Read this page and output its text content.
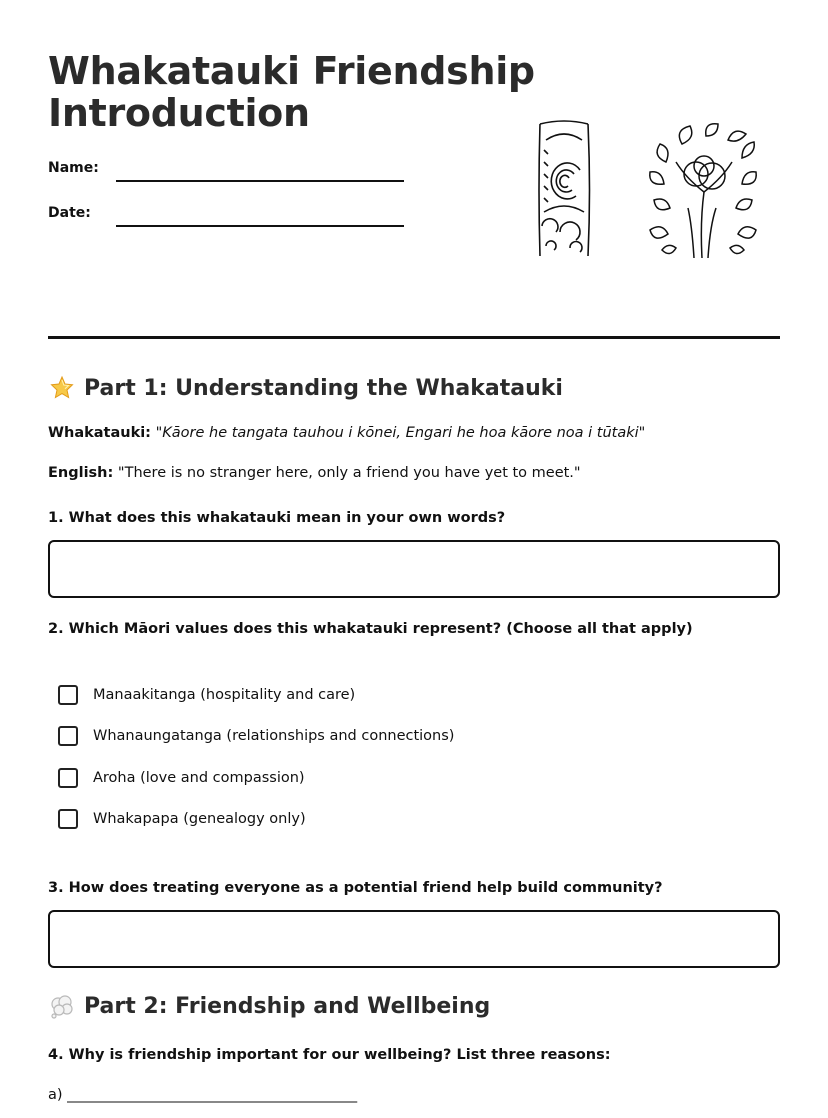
Whakatauki Friendship
Introduction
Name:
Date:
Part 1: Understanding the Whakatauki
Whakatauki: "Kāore he tangata tauhou i kōnei, Engari he hoa kāore noa i tūtaki"
English: "There is no stranger here, only a friend you have yet to meet."

1. What does this whakatauki mean in your own words?

2. Which Māori values does this whakatauki represent? (Choose all that apply)

Manaakitanga (hospitality and care)
Whanaungatanga (relationships and connections)
Aroha (love and compassion)
Whakapapa (genealogy only)

3. How does treating everyone as a potential friend help build community?

Part 2: Friendship and Wellbeing

4. Why is friendship important for our wellbeing? List three reasons:

a) ________________________________________
